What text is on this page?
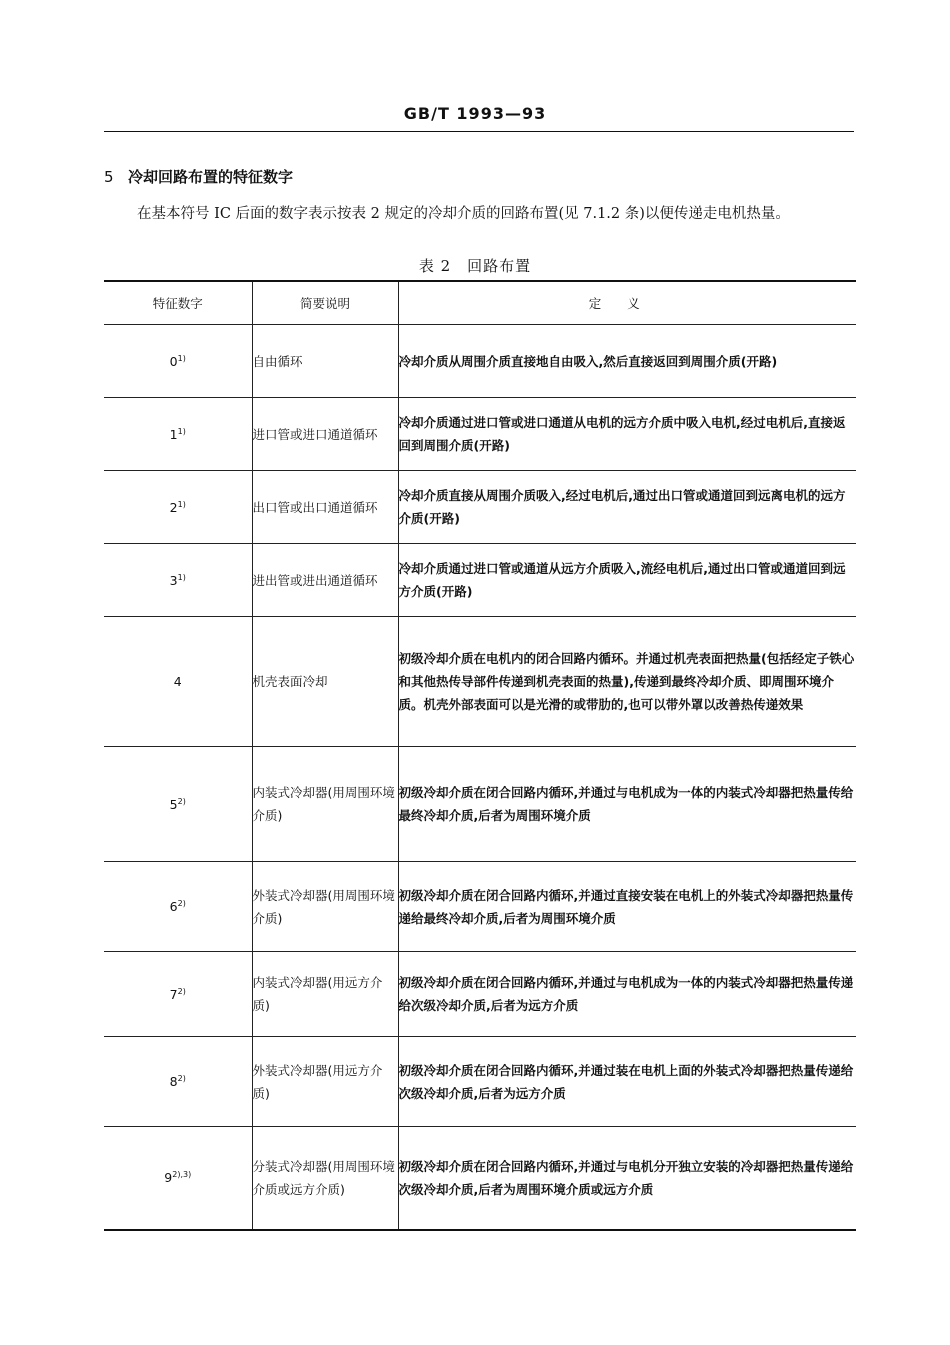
GB/T 1993—93
5 冷却回路布置的特征数字
在基本符号 IC 后面的数字表示按表 2 规定的冷却介质的回路布置(见 7.1.2 条)以便传递走电机热量。
表 2　回路布置
特征数字	简要说明	定义
0$^{1)}$	自由循环	冷却介质从周围介质直接地自由吸入,然后直接返回到周围介质(开路)
1$^{1)}$	进口管或进口通道循环	冷却介质通过进口管或进口通道从电机的远方介质中吸入电机,经过电机后,直接返回到周围介质(开路)
2$^{1)}$	出口管或出口通道循环	冷却介质直接从周围介质吸入,经过电机后,通过出口管或通道回到远离电机的远方介质(开路)
3$^{1)}$	进出管或进出通道循环	冷却介质通过进口管或通道从远方介质吸入,流经电机后,通过出口管或通道回到远方介质(开路)
4	机壳表面冷却	初级冷却介质在电机内的闭合回路内循环。并通过机壳表面把热量(包括经定子铁心和其他热传导部件传递到机壳表面的热量),传递到最终冷却介质、即周围环境介质。机壳外部表面可以是光滑的或带肋的,也可以带外罩以改善热传递效果
5$^{2)}$	内装式冷却器(用周围环境介质)	初级冷却介质在闭合回路内循环,并通过与电机成为一体的内装式冷却器把热量传给最终冷却介质,后者为周围环境介质
6$^{2)}$	外装式冷却器(用周围环境介质)	初级冷却介质在闭合回路内循环,并通过直接安装在电机上的外装式冷却器把热量传递给最终冷却介质,后者为周围环境介质
7$^{2)}$	内装式冷却器(用远方介质)	初级冷却介质在闭合回路内循环,并通过与电机成为一体的内装式冷却器把热量传递给次级冷却介质,后者为远方介质
8$^{2)}$	外装式冷却器(用远方介质)	初级冷却介质在闭合回路内循环,并通过装在电机上面的外装式冷却器把热量传递给次级冷却介质,后者为远方介质
$9^{2),3)}$	分装式冷却器(用周围环境介质或远方介质)	初级冷却介质在闭合回路内循环,并通过与电机分开独立安装的冷却器把热量传递给次级冷却介质,后者为周围环境介质或远方介质
